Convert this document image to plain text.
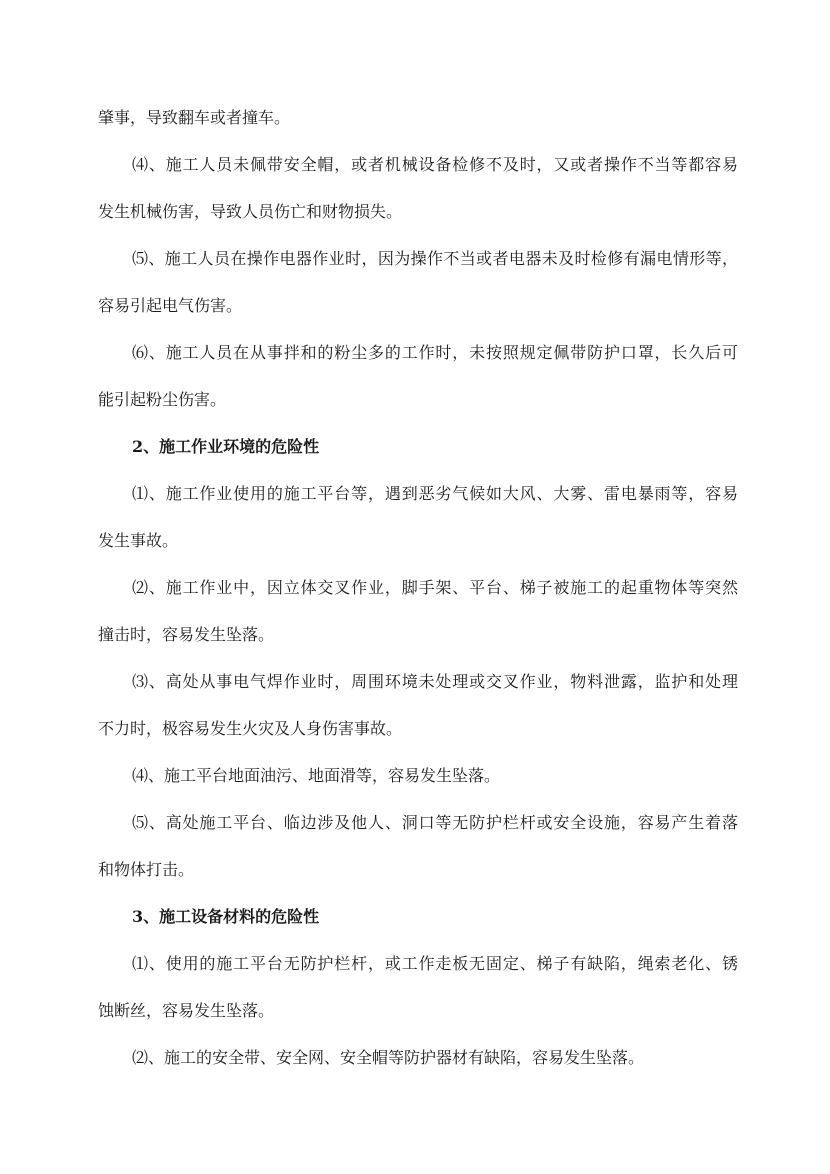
肇事，导致翻车或者撞车。
⑷、施工人员未佩带安全帽，或者机械设备检修不及时，又或者操作不当等都容易
发生机械伤害，导致人员伤亡和财物损失。
⑸、施工人员在操作电器作业时，因为操作不当或者电器未及时检修有漏电情形等，
容易引起电气伤害。
⑹、施工人员在从事拌和的粉尘多的工作时，未按照规定佩带防护口罩，长久后可
能引起粉尘伤害。
2、施工作业环境的危险性
⑴、施工作业使用的施工平台等，遇到恶劣气候如大风、大雾、雷电暴雨等，容易
发生事故。
⑵、施工作业中，因立体交叉作业，脚手架、平台、梯子被施工的起重物体等突然
撞击时，容易发生坠落。
⑶、高处从事电气焊作业时，周围环境未处理或交叉作业，物料泄露，监护和处理
不力时，极容易发生火灾及人身伤害事故。
⑷、施工平台地面油污、地面滑等，容易发生坠落。
⑸、高处施工平台、临边涉及他人、洞口等无防护栏杆或安全设施，容易产生着落
和物体打击。
3、施工设备材料的危险性
⑴、使用的施工平台无防护栏杆，或工作走板无固定、梯子有缺陷，绳索老化、锈
蚀断丝，容易发生坠落。
⑵、施工的安全带、安全网、安全帽等防护器材有缺陷，容易发生坠落。
